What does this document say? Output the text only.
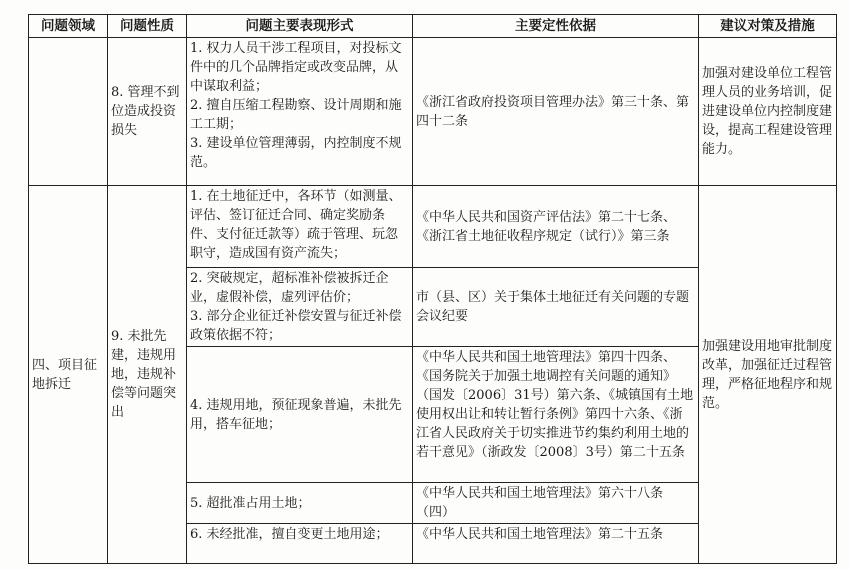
问题领域	问题性质	问题主要表现形式	主要定性依据	建议对策及措施

	8. 管理不到位造成投资损失	1. 权力人员干涉工程项目，对投标文件中的几个品牌指定或改变品牌，从中谋取利益；
2. 擅自压缩工程勘察、设计周期和施工工期；
3. 建设单位管理薄弱，内控制度不规范。	《浙江省政府投资项目管理办法》第三十条、第四十二条	加强对建设单位工程管理人员的业务培训，促进建设单位内控制度建设，提高工程建设管理能力。

四、项目征地拆迁	9. 未批先建，违规用地，违规补偿等问题突出	1. 在土地征迁中，各环节（如测量、评估、签订征迁合同、确定奖励条件、支付征迁款等）疏于管理、玩忽职守，造成国有资产流失；	《中华人民共和国资产评估法》第二十七条、《浙江省土地征收程序规定（试行）》第三条	加强建设用地审批制度改革，加强征迁过程管理，严格征地程序和规范。

		2. 突破规定，超标准补偿被拆迁企业，虚假补偿，虚列评估价；
3. 部分企业征迁补偿安置与征迁补偿政策依据不符；	市（县、区）关于集体土地征迁有关问题的专题会议纪要	

		4. 违规用地，预征现象普遍，未批先用，搭车征地；	《中华人民共和国土地管理法》第四十四条、《国务院关于加强土地调控有关问题的通知》（国发〔2006〕31号）第六条、《城镇国有土地使用权出让和转让暂行条例》第四十六条、《浙江省人民政府关于切实推进节约集约利用土地的若干意见》（浙政发〔2008〕3号）第二十五条	

		5. 超批准占用土地；	《中华人民共和国土地管理法》第六十八条（四）	

		6. 未经批准，擅自变更土地用途；	《中华人民共和国土地管理法》第二十五条	
